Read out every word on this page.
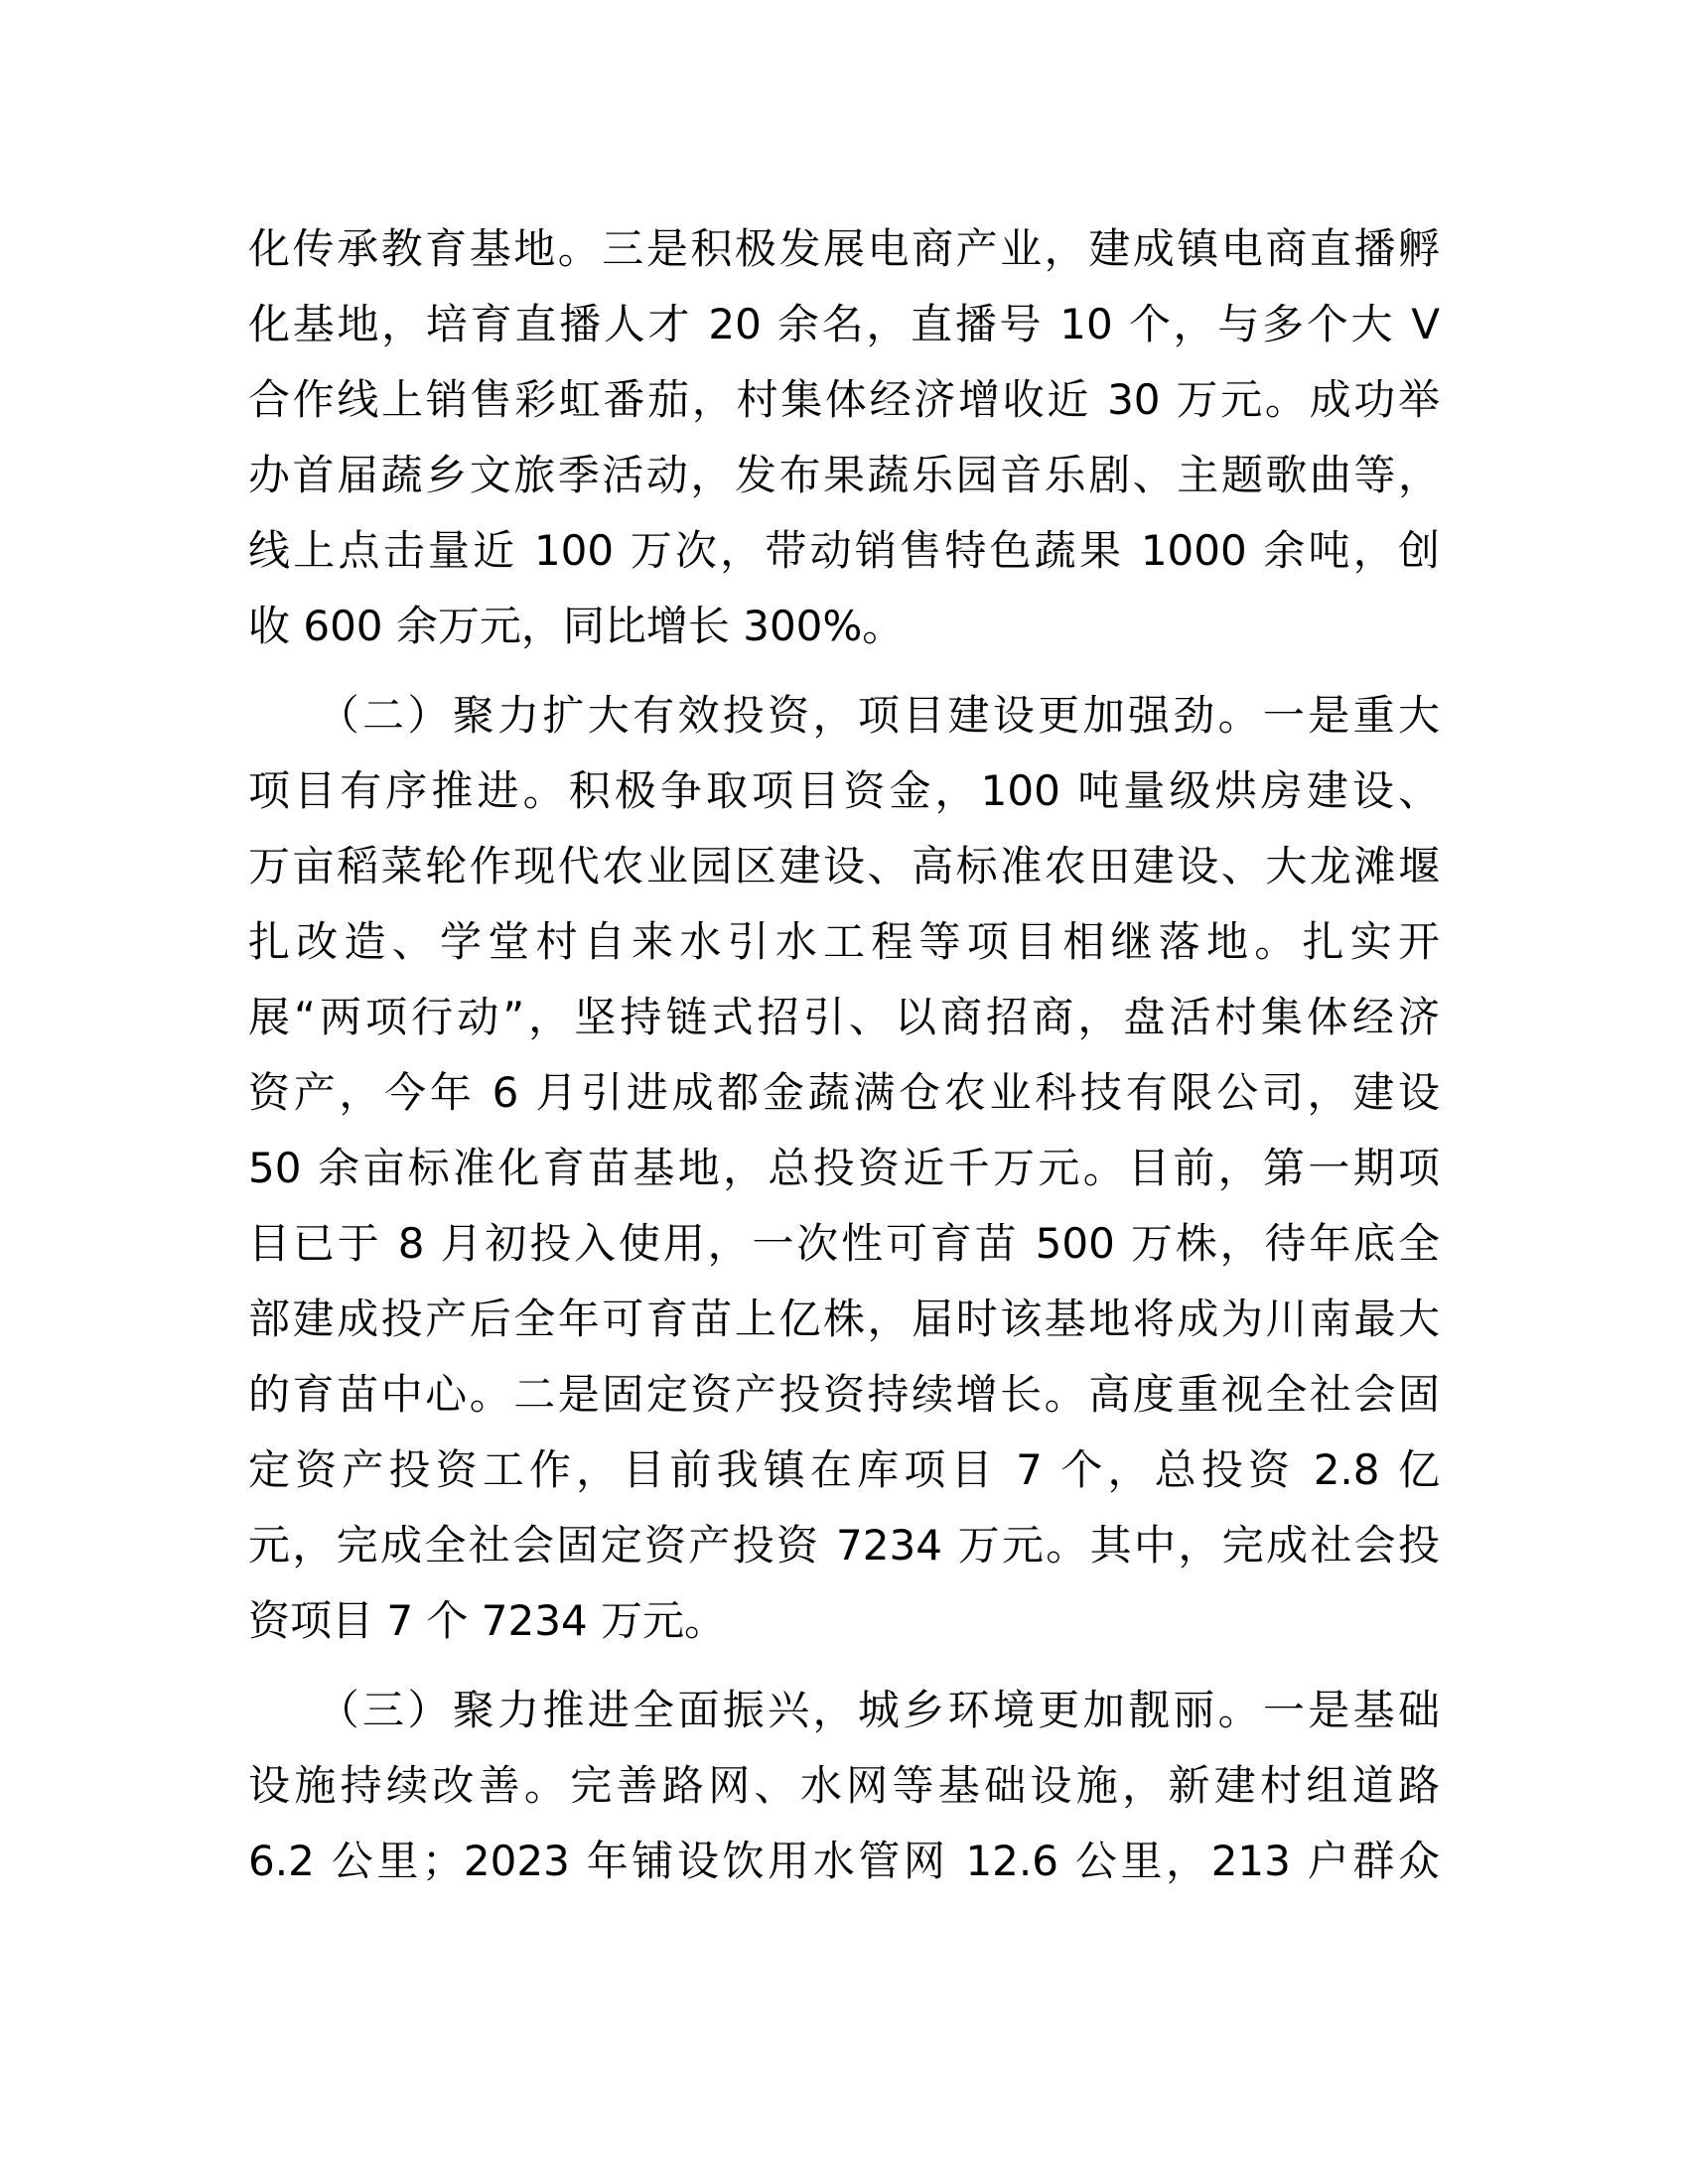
化传承教育基地。三是积极发展电商产业，建成镇电商直播孵
化基地，培育直播人才 20 余名，直播号 10 个，与多个大 V
合作线上销售彩虹番茄，村集体经济增收近 30 万元。成功举
办首届蔬乡文旅季活动，发布果蔬乐园音乐剧、主题歌曲等，
线上点击量近 100 万次，带动销售特色蔬果 1000 余吨，创
收 600 余万元，同比增长 300%。
　　（二）聚力扩大有效投资，项目建设更加强劲。一是重大
项目有序推进。积极争取项目资金，100 吨量级烘房建设、
万亩稻菜轮作现代农业园区建设、高标准农田建设、大龙滩堰
扎改造、学堂村自来水引水工程等项目相继落地。扎实开
展“两项行动”，坚持链式招引、以商招商，盘活村集体经济
资产，今年 6 月引进成都金蔬满仓农业科技有限公司，建设
50 余亩标准化育苗基地，总投资近千万元。目前，第一期项
目已于 8 月初投入使用，一次性可育苗 500 万株，待年底全
部建成投产后全年可育苗上亿株，届时该基地将成为川南最大
的育苗中心。二是固定资产投资持续增长。高度重视全社会固
定资产投资工作，目前我镇在库项目 7 个，总投资 2.8 亿
元，完成全社会固定资产投资 7234 万元。其中，完成社会投
资项目 7 个 7234 万元。
　　（三）聚力推进全面振兴，城乡环境更加靓丽。一是基础
设施持续改善。完善路网、水网等基础设施，新建村组道路
6.2 公里；2023 年铺设饮用水管网 12.6 公里，213 户群众
